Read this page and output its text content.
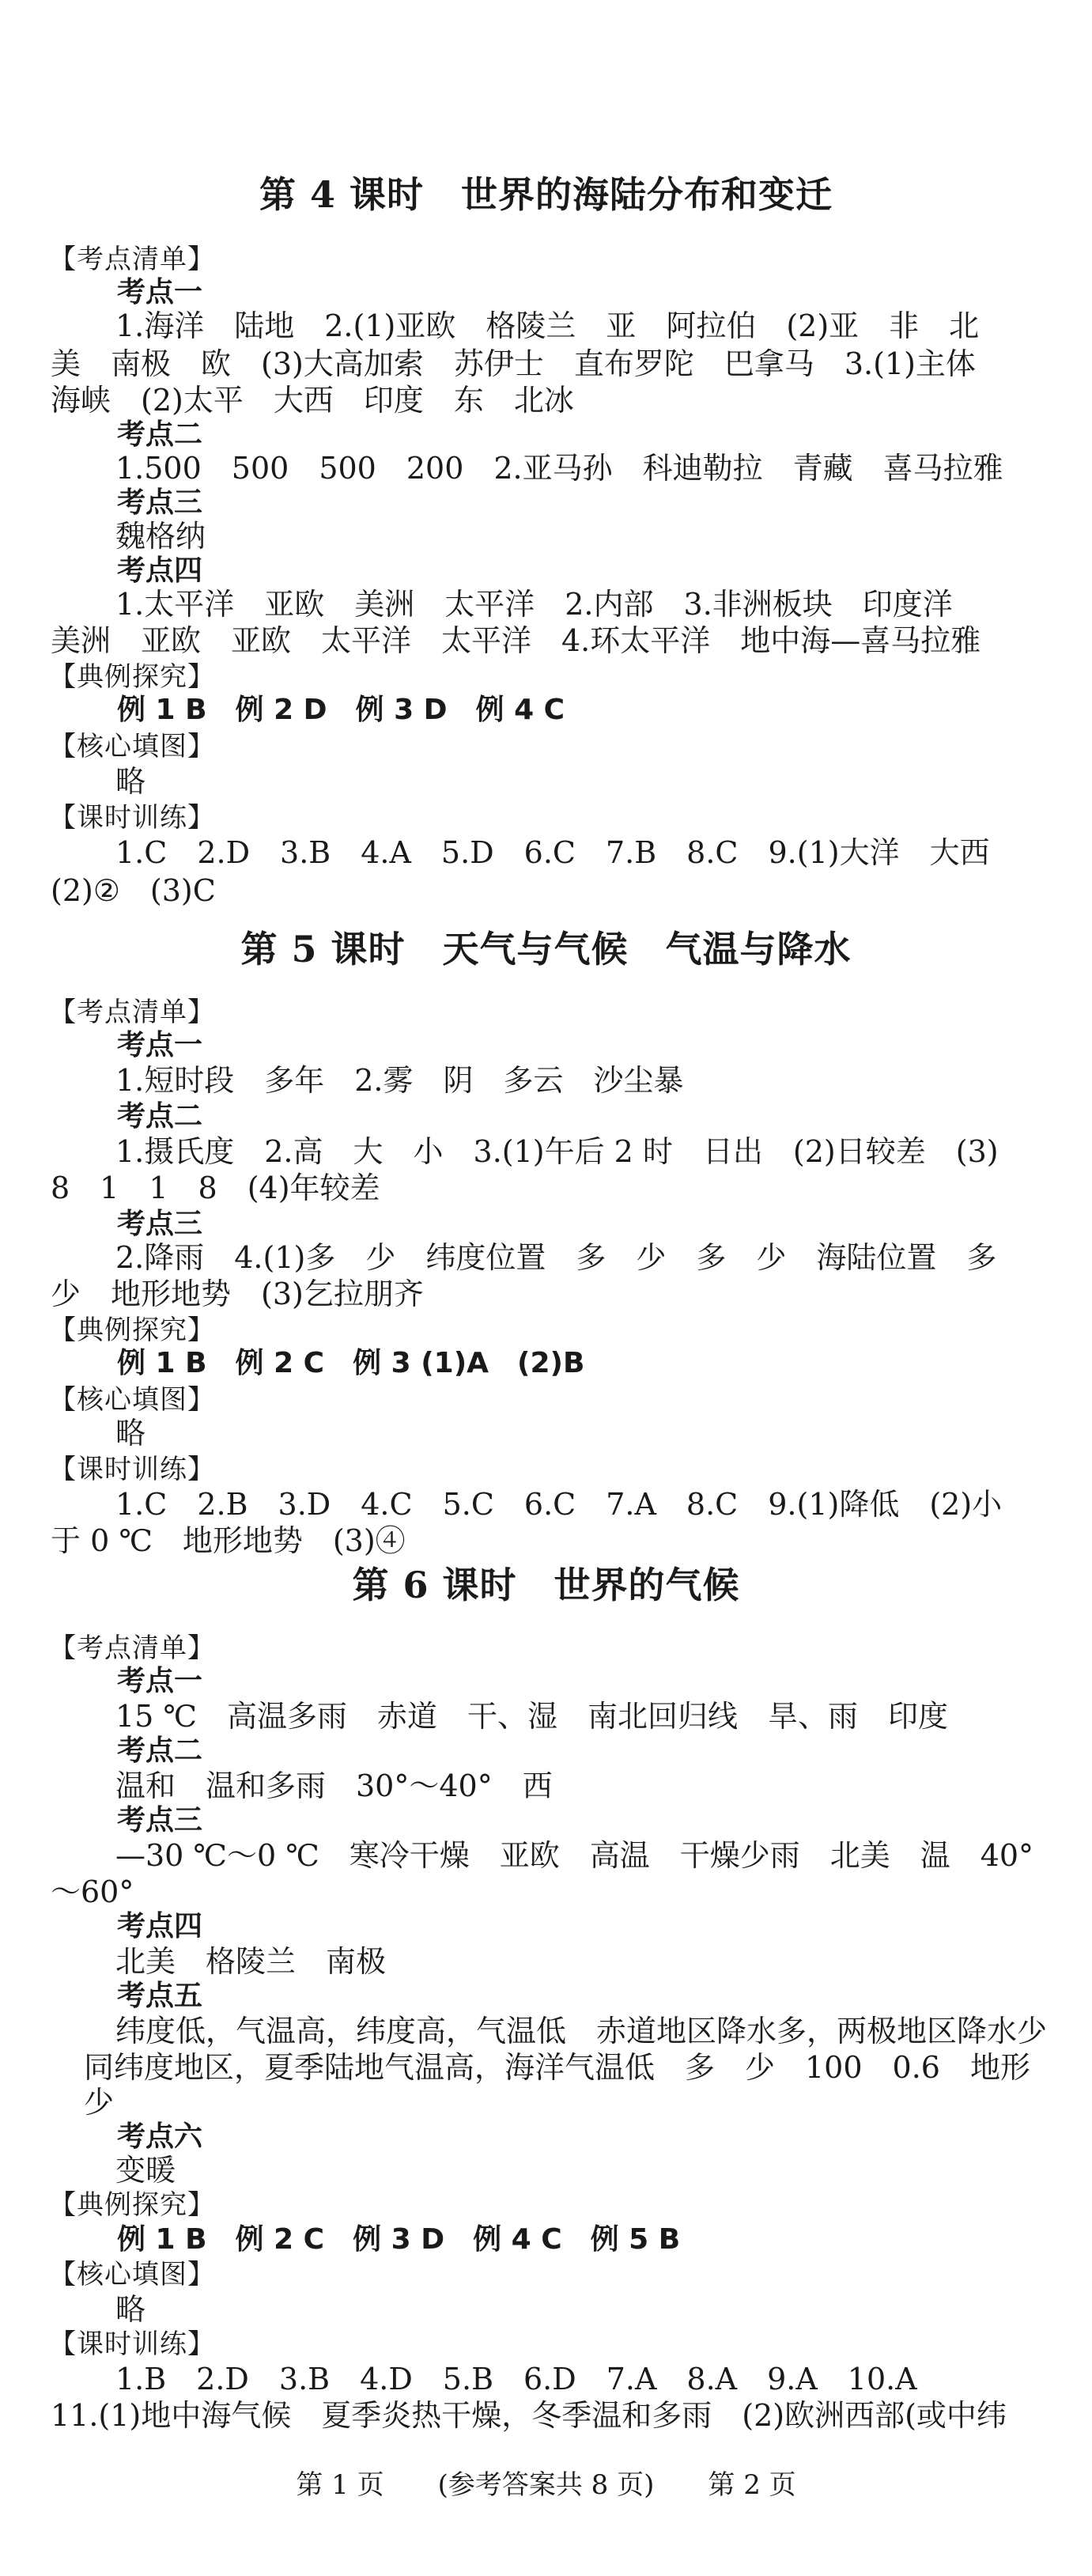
第 4 课时　世界的海陆分布和变迁
【考点清单】
考点一
1.海洋　陆地　2.(1)亚欧　格陵兰　亚　阿拉伯　(2)亚　非　北
美　南极　欧　(3)大高加索　苏伊士　直布罗陀　巴拿马　3.(1)主体
海峡　(2)太平　大西　印度　东　北冰
考点二
1.500　500　500　200　2.亚马孙　科迪勒拉　青藏　喜马拉雅
考点三
魏格纳
考点四
1.太平洋　亚欧　美洲　太平洋　2.内部　3.非洲板块　印度洋
美洲　亚欧　亚欧　太平洋　太平洋　4.环太平洋　地中海—喜马拉雅
【典例探究】
例 1 B　例 2 D　例 3 D　例 4 C
【核心填图】
略
【课时训练】
1.C　2.D　3.B　4.A　5.D　6.C　7.B　8.C　9.(1)大洋　大西
(2)②　(3)C
第 5 课时　天气与气候　气温与降水
【考点清单】
考点一
1.短时段　多年　2.雾　阴　多云　沙尘暴
考点二
1.摄氏度　2.高　大　小　3.(1)午后 2 时　日出　(2)日较差　(3)
8　1　1　8　(4)年较差
考点三
2.降雨　4.(1)多　少　纬度位置　多　少　多　少　海陆位置　多
少　地形地势　(3)乞拉朋齐
【典例探究】
例 1 B　例 2 C　例 3 (1)A　(2)B
【核心填图】
略
【课时训练】
1.C　2.B　3.D　4.C　5.C　6.C　7.A　8.C　9.(1)降低　(2)小
于 0 ℃　地形地势　(3)④
第 6 课时　世界的气候
【考点清单】
考点一
15 ℃　高温多雨　赤道　干、湿　南北回归线　旱、雨　印度
考点二
温和　温和多雨　30°～40°　西
考点三
—30 ℃～0 ℃　寒冷干燥　亚欧　高温　干燥少雨　北美　温　40°
～60°
考点四
北美　格陵兰　南极
考点五
纬度低，气温高，纬度高，气温低　赤道地区降水多，两极地区降水少
同纬度地区，夏季陆地气温高，海洋气温低　多　少　100　0.6　地形
少
考点六
变暖
【典例探究】
例 1 B　例 2 C　例 3 D　例 4 C　例 5 B
【核心填图】
略
【课时训练】
1.B　2.D　3.B　4.D　5.B　6.D　7.A　8.A　9.A　10.A
11.(1)地中海气候　夏季炎热干燥，冬季温和多雨　(2)欧洲西部(或中纬
第 1 页　　(参考答案共 8 页)　　第 2 页
